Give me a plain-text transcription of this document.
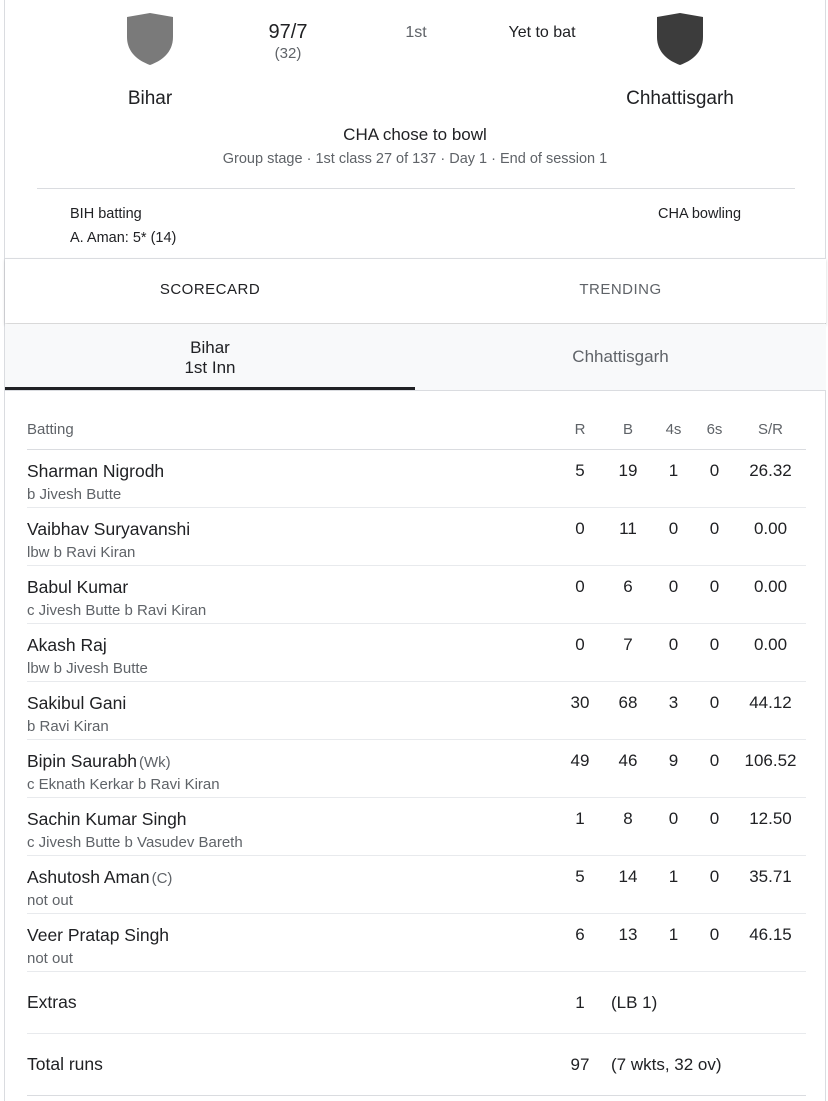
97/7
(32)
1st	Yet to bat
Bihar	Chhattisgarh
CHA chose to bowl
Group stage · 1st class 27 of 137 · Day 1 · End of session 1
BIH batting
A. Aman: 5* (14)
CHA bowling
SCORECARD	TRENDING
Bihar
1st Inn
Chhattisgarh
Batting	R	B	4s	6s	S/R

Sharman Nigrodh
b Jivesh Butte	5	19	1	0	26.32

Vaibhav Suryavanshi
lbw b Ravi Kiran	0	11	0	0	0.00

Babul Kumar
c Jivesh Butte b Ravi Kiran	0	6	0	0	0.00

Akash Raj
lbw b Jivesh Butte	0	7	0	0	0.00

Sakibul Gani
b Ravi Kiran	30	68	3	0	44.12

Bipin Saurabh (Wk)
c Eknath Kerkar b Ravi Kiran	49	46	9	0	106.52

Sachin Kumar Singh
c Jivesh Butte b Vasudev Bareth	1	8	0	0	12.50

Ashutosh Aman (C)
not out	5	14	1	0	35.71

Veer Pratap Singh
not out	6	13	1	0	46.15
Extras	1	(LB 1)			
Total runs	97	(7 wkts, 32 ov)			
